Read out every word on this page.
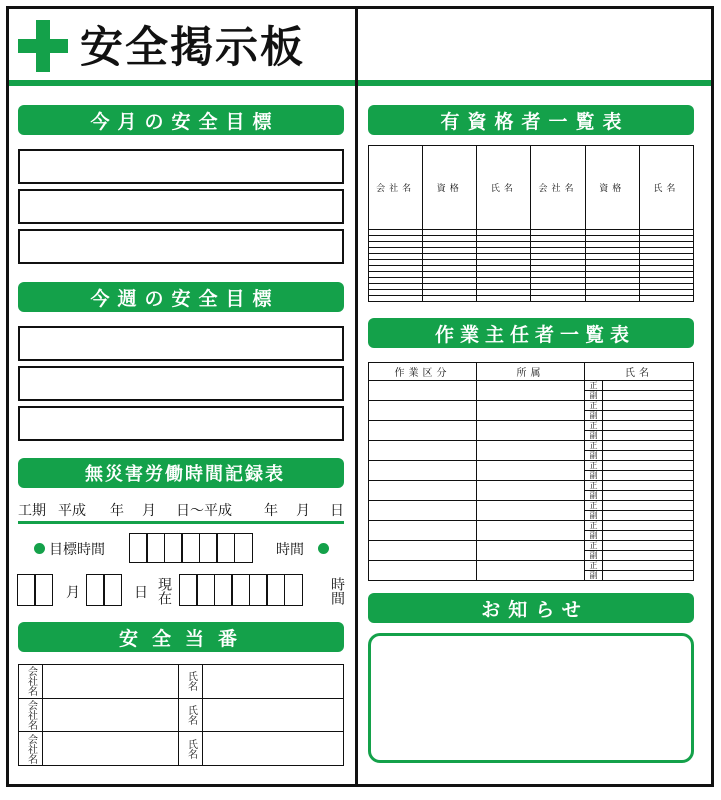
安全掲示板
今月の安全目標
今週の安全目標
無災害労働時間記録表
工期 平成 年 月 日～平成 年 月 日
目標時間	時間
月	日 現在	時間
安全当番
会社名		氏名	

会社名		氏名	

会社名		氏名	

有資格者一覧表
会社名	資格	氏名	会社名	資格	氏名

作業主任者一覧表
作業区分	所属	氏名	
		正	
		副	
		正	
		副	
		正	
		副	
		正	
		副	
		正	
		副	
		正	
		副	
		正	
		副	
		正	
		副	
		正	
		副	
		正	
		副	
お知らせ
